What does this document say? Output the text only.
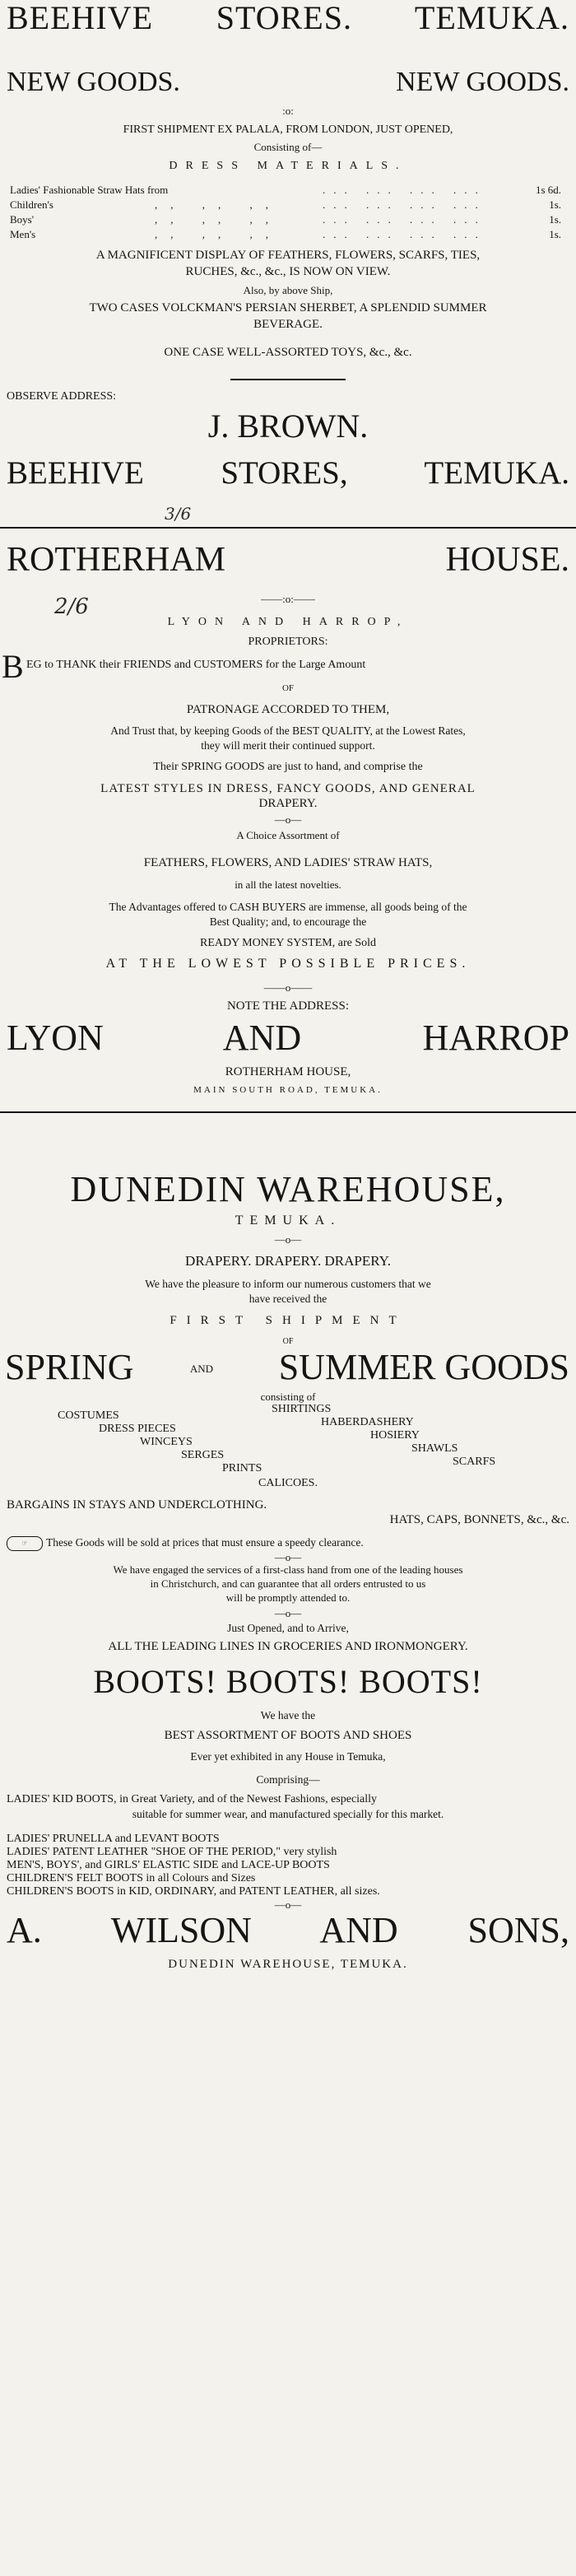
BEEHIVE STORES. TEMUKA.
NEW GOODS.	NEW GOODS.
:o:
FIRST SHIPMENT EX PALALA, FROM LONDON, JUST OPENED,
Consisting of—
DRESS MATERIALS.
Ladies' Fashionable Straw Hats from	... ... ... ...	1s 6d.
Children's	,, ,, ,,	... ... ... ...	1s.
Boys'	,, ,, ,,	... ... ... ...	1s.
Men's	,, ,, ,,	... ... ... ...	1s.
A MAGNIFICENT DISPLAY OF FEATHERS, FLOWERS, SCARFS, TIES,
RUCHES, &c., &c., IS NOW ON VIEW.
Also, by above Ship,
TWO CASES VOLCKMAN'S PERSIAN SHERBET, A SPLENDID SUMMER
BEVERAGE.
ONE CASE WELL-ASSORTED TOYS, &c., &c.
OBSERVE ADDRESS:
J. BROWN.
BEEHIVE STORES, TEMUKA.
3/6
ROTHERHAM HOUSE.
——:o:——
2/6
LYON AND HARROP,
PROPRIETORS:
B EG to THANK their FRIENDS and CUSTOMERS for the Large Amount
OF
PATRONAGE ACCORDED TO THEM,
And Trust that, by keeping Goods of the BEST QUALITY, at the Lowest Rates,
they will merit their continued support.
Their SPRING GOODS are just to hand, and comprise the
LATEST STYLES IN DRESS, FANCY GOODS, AND GENERAL
DRAPERY.
—o—
A Choice Assortment of
FEATHERS, FLOWERS, AND LADIES' STRAW HATS,
in all the latest novelties.
The Advantages offered to CASH BUYERS are immense, all goods being of the
Best Quality; and, to encourage the
READY MONEY SYSTEM, are Sold
AT THE LOWEST POSSIBLE PRICES.
——o——
NOTE THE ADDRESS:
LYON AND HARROP
ROTHERHAM HOUSE,
MAIN SOUTH ROAD, TEMUKA.
DUNEDIN WAREHOUSE,
TEMUKA.
—o—
DRAPERY. DRAPERY. DRAPERY.
We have the pleasure to inform our numerous customers that we
have received the
FIRST SHIPMENT
OF
SPRING	AND	SUMMER GOODS
consisting of
COSTUMES
DRESS PIECES
WINCEYS
SERGES
PRINTS
SHIRTINGS
HABERDASHERY
HOSIERY
SHAWLS
SCARFS
CALICOES.
BARGAINS IN STAYS AND UNDERCLOTHING.
HATS, CAPS, BONNETS, &c., &c.
☞	These Goods will be sold at prices that must ensure a speedy clearance.
—o—
We have engaged the services of a first-class hand from one of the leading houses
in Christchurch, and can guarantee that all orders entrusted to us
will be promptly attended to.
—o—
Just Opened, and to Arrive,
ALL THE LEADING LINES IN GROCERIES AND IRONMONGERY.
BOOTS! BOOTS! BOOTS!
We have the
BEST ASSORTMENT OF BOOTS AND SHOES
Ever yet exhibited in any House in Temuka,
Comprising—
LADIES' KID BOOTS, in Great Variety, and of the Newest Fashions, especially
suitable for summer wear, and manufactured specially for this market.
LADIES' PRUNELLA and LEVANT BOOTS
LADIES' PATENT LEATHER "SHOE OF THE PERIOD," very stylish
MEN'S, BOYS', and GIRLS' ELASTIC SIDE and LACE-UP BOOTS
CHILDREN'S FELT BOOTS in all Colours and Sizes
CHILDREN'S BOOTS in KID, ORDINARY, and PATENT LEATHER, all sizes.
—o—
A. WILSON AND SONS,
DUNEDIN WAREHOUSE, TEMUKA.
